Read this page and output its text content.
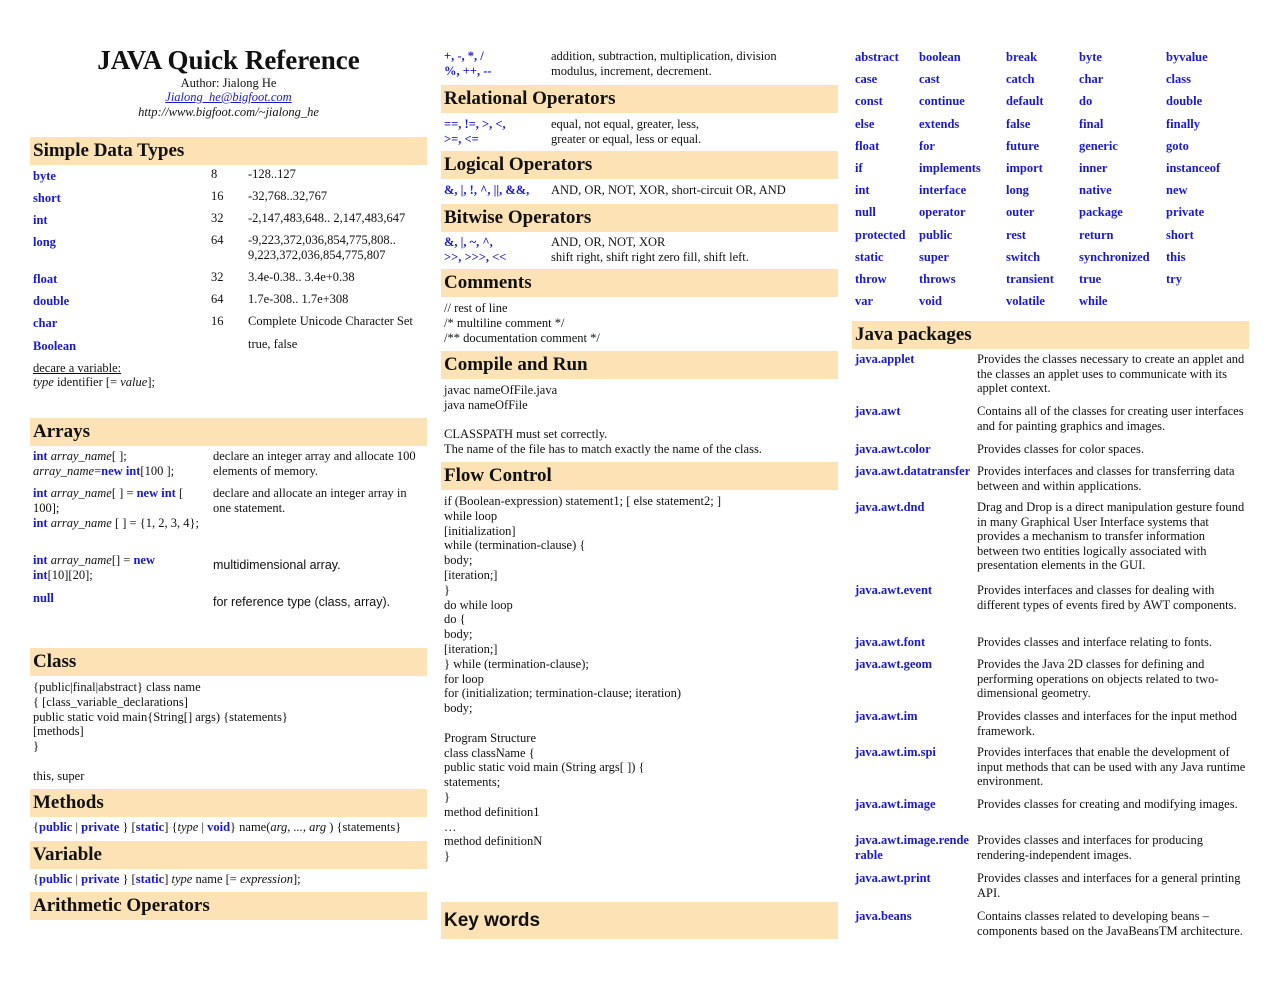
JAVA Quick Reference
Author: Jialong He
Jialong_he@bigfoot.com
http://www.bigfoot.com/~jialong_he
Simple Data Types
byte	8 -128..127
short	16 -32,768..32,767
int	32 -2,147,483,648.. 2,147,483,647
long	64 -9,223,372,036,854,775,808..
9,223,372,036,854,775,807
float	32 3.4e-0.38.. 3.4e+0.38
double	64 1.7e-308.. 1.7e+308
char	16 Complete Unicode Character Set
Boolean	true, false
decare a variable:
type identifier [= value];
Arrays
int array_name[ ];
array_name=new int[100 ];
declare an integer array and allocate 100 elements of memory.
int array_name[ ] = new int [
100];
int array_name [ ] = {1, 2, 3, 4};
declare and allocate an integer array in one statement.
int array_name[] = new
int[10][20];
multidimensional array.
null	for reference type (class, array).
Class
{public|final|abstract} class name
{ [class_variable_declarations]
public static void main{String[] args) {statements}
[methods]
}
this, super
Methods
{public | private } [static] {type | void} name(arg, ..., arg ) {statements}
Variable
{public | private } [static] type name [= expression];
Arithmetic Operators
+, -, *, /
%, ++, --
addition, subtraction, multiplication, division
modulus, increment, decrement.
Relational Operators
==, !=, >, <,
>=, <=
equal, not equal, greater, less,
greater or equal, less or equal.
Logical Operators
&, |, !, ^, ||, &&, AND, OR, NOT, XOR, short-circuit OR, AND
Bitwise Operators
&, |, ~, ^,
>>, >>>, <<
AND, OR, NOT, XOR
shift right, shift right zero fill, shift left.
Comments
// rest of line
/* multiline comment */
/** documentation comment */
Compile and Run
javac nameOfFile.java
java nameOfFile

CLASSPATH must set correctly.
The name of the file has to match exactly the name of the class.
Flow Control
if (Boolean-expression) statement1; [ else statement2; ]
while loop
[initialization]
while (termination-clause) {
body;
[iteration;]
}
do while loop
do {
body;
[iteration;]
} while (termination-clause);
for loop
for (initialization; termination-clause; iteration)
body;

Program Structure
class className {
public static void main (String args[ ]) {
statements;
}
method definition1
…
method definitionN
}
Key words
abstract boolean	break	byte	byvalue
case	cast	catch	char	class
const	continue	default	do	double
else	extends	false	final	finally
float	for	future	generic	goto
if	implements import	inner	instanceof
int	interface	long	native	new
null	operator	outer	package	private
protected public	rest	return	short
static	super	switch	synchronized this
throw	throws	transient true	try
var	void	volatile	while
Java packages
java.applet	Provides the classes necessary to create an applet and the classes an applet uses to communicate with its applet context.
java.awt	Contains all of the classes for creating user interfaces and for painting graphics and images.
java.awt.color	Provides classes for color spaces.
java.awt.datatransfer Provides interfaces and classes for transferring data between and within applications.
java.awt.dnd	Drag and Drop is a direct manipulation gesture found in many Graphical User Interface systems that provides a mechanism to transfer information between two entities logically associated with presentation elements in the GUI.
java.awt.event	Provides interfaces and classes for dealing with different types of events fired by AWT components.
java.awt.font	Provides classes and interface relating to fonts.
java.awt.geom	Provides the Java 2D classes for defining and performing operations on objects related to two-dimensional geometry.
java.awt.im	Provides classes and interfaces for the input method framework.
java.awt.im.spi	Provides interfaces that enable the development of input methods that can be used with any Java runtime environment.
java.awt.image	Provides classes for creating and modifying images.
java.awt.image.renderable
Provides classes and interfaces for producing rendering-independent images.
java.awt.print	Provides classes and interfaces for a general printing API.
java.beans	Contains classes related to developing beans – components based on the JavaBeansTM architecture.
